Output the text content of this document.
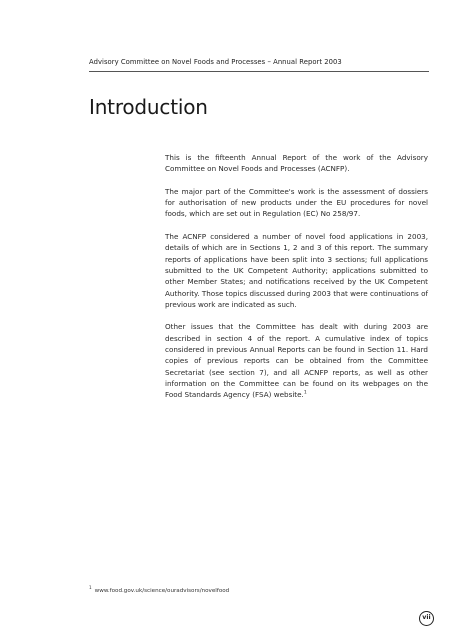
Advisory Committee on Novel Foods and Processes – Annual Report 2003
Introduction

This is the fifteenth Annual Report of the work of the Advisory Committee on Novel Foods and Processes (ACNFP).

The major part of the Committee's work is the assessment of dossiers for authorisation of new products under the EU procedures for novel foods, which are set out in Regulation (EC) No 258/97.

The ACNFP considered a number of novel food applications in 2003, details of which are in Sections 1, 2 and 3 of this report. The summary reports of applications have been split into 3 sections; full applications submitted to the UK Competent Authority; applications submitted to other Member States; and notifications received by the UK Competent Authority. Those topics discussed during 2003 that were continuations of previous work are indicated as such.

Other issues that the Committee has dealt with during 2003 are described in section 4 of the report. A cumulative index of topics considered in previous Annual Reports can be found in Section 11. Hard copies of previous reports can be obtained from the Committee Secretariat (see section 7), and all ACNFP reports, as well as other information on the Committee can be found on its webpages on the Food Standards Agency (FSA) website.$^1$

$^1$www.food.gov.uk/science/ouradvisors/novelfood
vii
